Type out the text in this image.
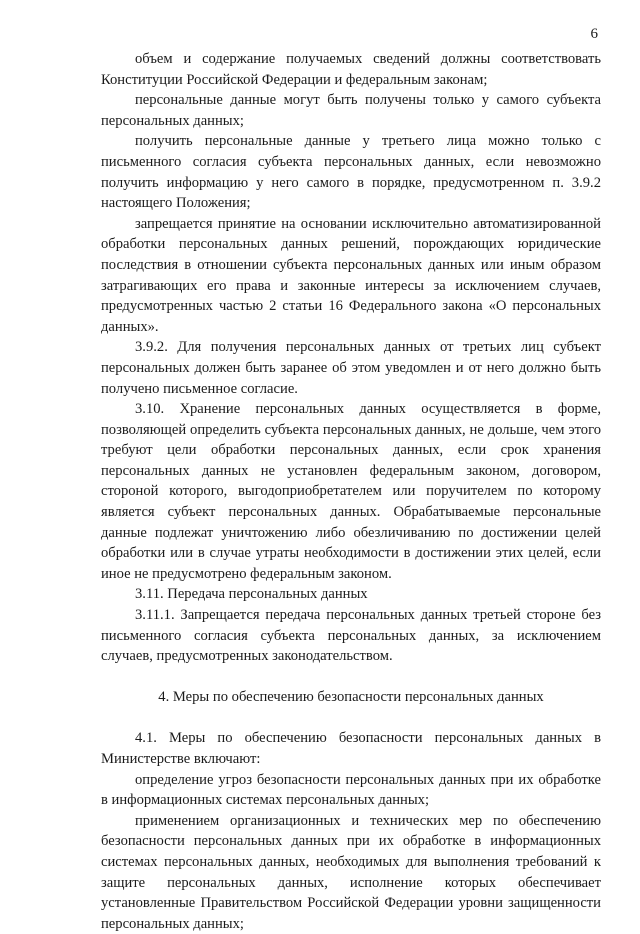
6

объем и содержание получаемых сведений должны соответствовать Конституции Российской Федерации и федеральным законам;

персональные данные могут быть получены только у самого субъекта персональных данных;

получить персональные данные у третьего лица можно только с письменного согласия субъекта персональных данных, если невозможно получить информацию у него самого в порядке, предусмотренном п. 3.9.2 настоящего Положения;

запрещается принятие на основании исключительно автоматизированной обработки персональных данных решений, порождающих юридические последствия в отношении субъекта персональных данных или иным образом затрагивающих его права и законные интересы за исключением случаев, предусмотренных частью 2 статьи 16 Федерального закона «О персональных данных».

3.9.2. Для получения персональных данных от третьих лиц субъект персональных должен быть заранее об этом уведомлен и от него должно быть получено письменное согласие.

3.10. Хранение персональных данных осуществляется в форме, позволяющей определить субъекта персональных данных, не дольше, чем этого требуют цели обработки персональных данных, если срок хранения персональных данных не установлен федеральным законом, договором, стороной которого, выгодоприобретателем или поручителем по которому является субъект персональных данных. Обрабатываемые персональные данные подлежат уничтожению либо обезличиванию по достижении целей обработки или в случае утраты необходимости в достижении этих целей, если иное не предусмотрено федеральным законом.

3.11. Передача персональных данных

3.11.1. Запрещается передача персональных данных третьей стороне без письменного согласия субъекта персональных данных, за исключением случаев, предусмотренных законодательством.

4. Меры по обеспечению безопасности персональных данных

4.1. Меры по обеспечению безопасности персональных данных в Министерстве включают:

определение угроз безопасности персональных данных при их обработке в информационных системах персональных данных;

применением организационных и технических мер по обеспечению безопасности персональных данных при их обработке в информационных системах персональных данных, необходимых для выполнения требований к защите персональных данных, исполнение которых обеспечивает установленные Правительством Российской Федерации уровни защищенности персональных данных;
